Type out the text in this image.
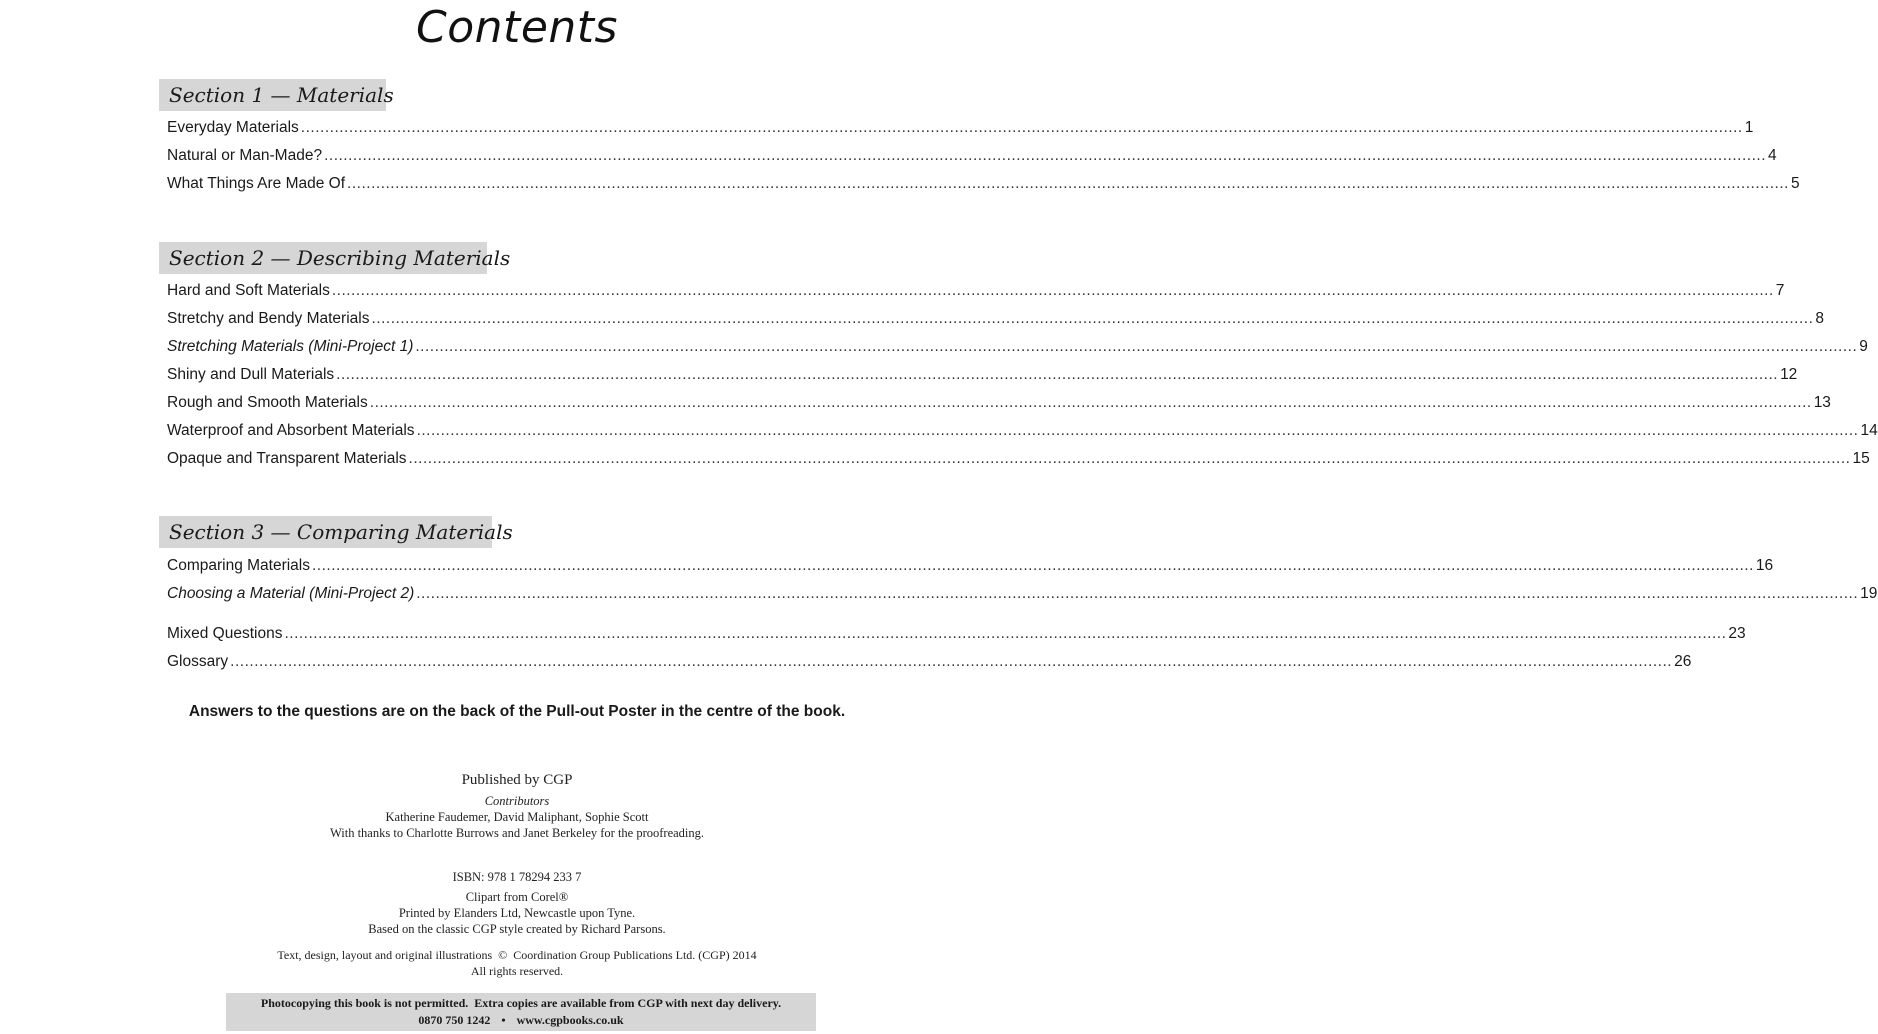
Contents
Section 1 — Materials
Everyday Materials ............................................................................................................................................................................................................................................................................................................ 1
Natural or Man-Made? ............................................................................................................................................................................................................................................................................................................ 4
What Things Are Made Of ............................................................................................................................................................................................................................................................................................................ 5
Section 2 — Describing Materials
Hard and Soft Materials ............................................................................................................................................................................................................................................................................................................ 7
Stretchy and Bendy Materials ............................................................................................................................................................................................................................................................................................................ 8
Stretching Materials (Mini-Project 1) ............................................................................................................................................................................................................................................................................................................ 9
Shiny and Dull Materials ............................................................................................................................................................................................................................................................................................................ 12
Rough and Smooth Materials ............................................................................................................................................................................................................................................................................................................ 13
Waterproof and Absorbent Materials ............................................................................................................................................................................................................................................................................................................ 14
Opaque and Transparent Materials ............................................................................................................................................................................................................................................................................................................ 15
Section 3 — Comparing Materials
Comparing Materials ............................................................................................................................................................................................................................................................................................................ 16
Choosing a Material (Mini-Project 2) ............................................................................................................................................................................................................................................................................................................ 19
Mixed Questions ............................................................................................................................................................................................................................................................................................................ 23
Glossary ............................................................................................................................................................................................................................................................................................................ 26
Answers to the questions are on the back of the Pull-out Poster in the centre of the book.
Published by CGP
Contributors
Katherine Faudemer, David Maliphant, Sophie Scott
With thanks to Charlotte Burrows and Janet Berkeley for the proofreading.
ISBN: 978 1 78294 233 7
Clipart from Corel®
Printed by Elanders Ltd, Newcastle upon Tyne.
Based on the classic CGP style created by Richard Parsons.
Text, design, layout and original illustrations  ©  Coordination Group Publications Ltd. (CGP) 2014
All rights reserved.
Photocopying this book is not permitted.  Extra copies are available from CGP with next day delivery.
0870 750 1242 • www.cgpbooks.co.uk
